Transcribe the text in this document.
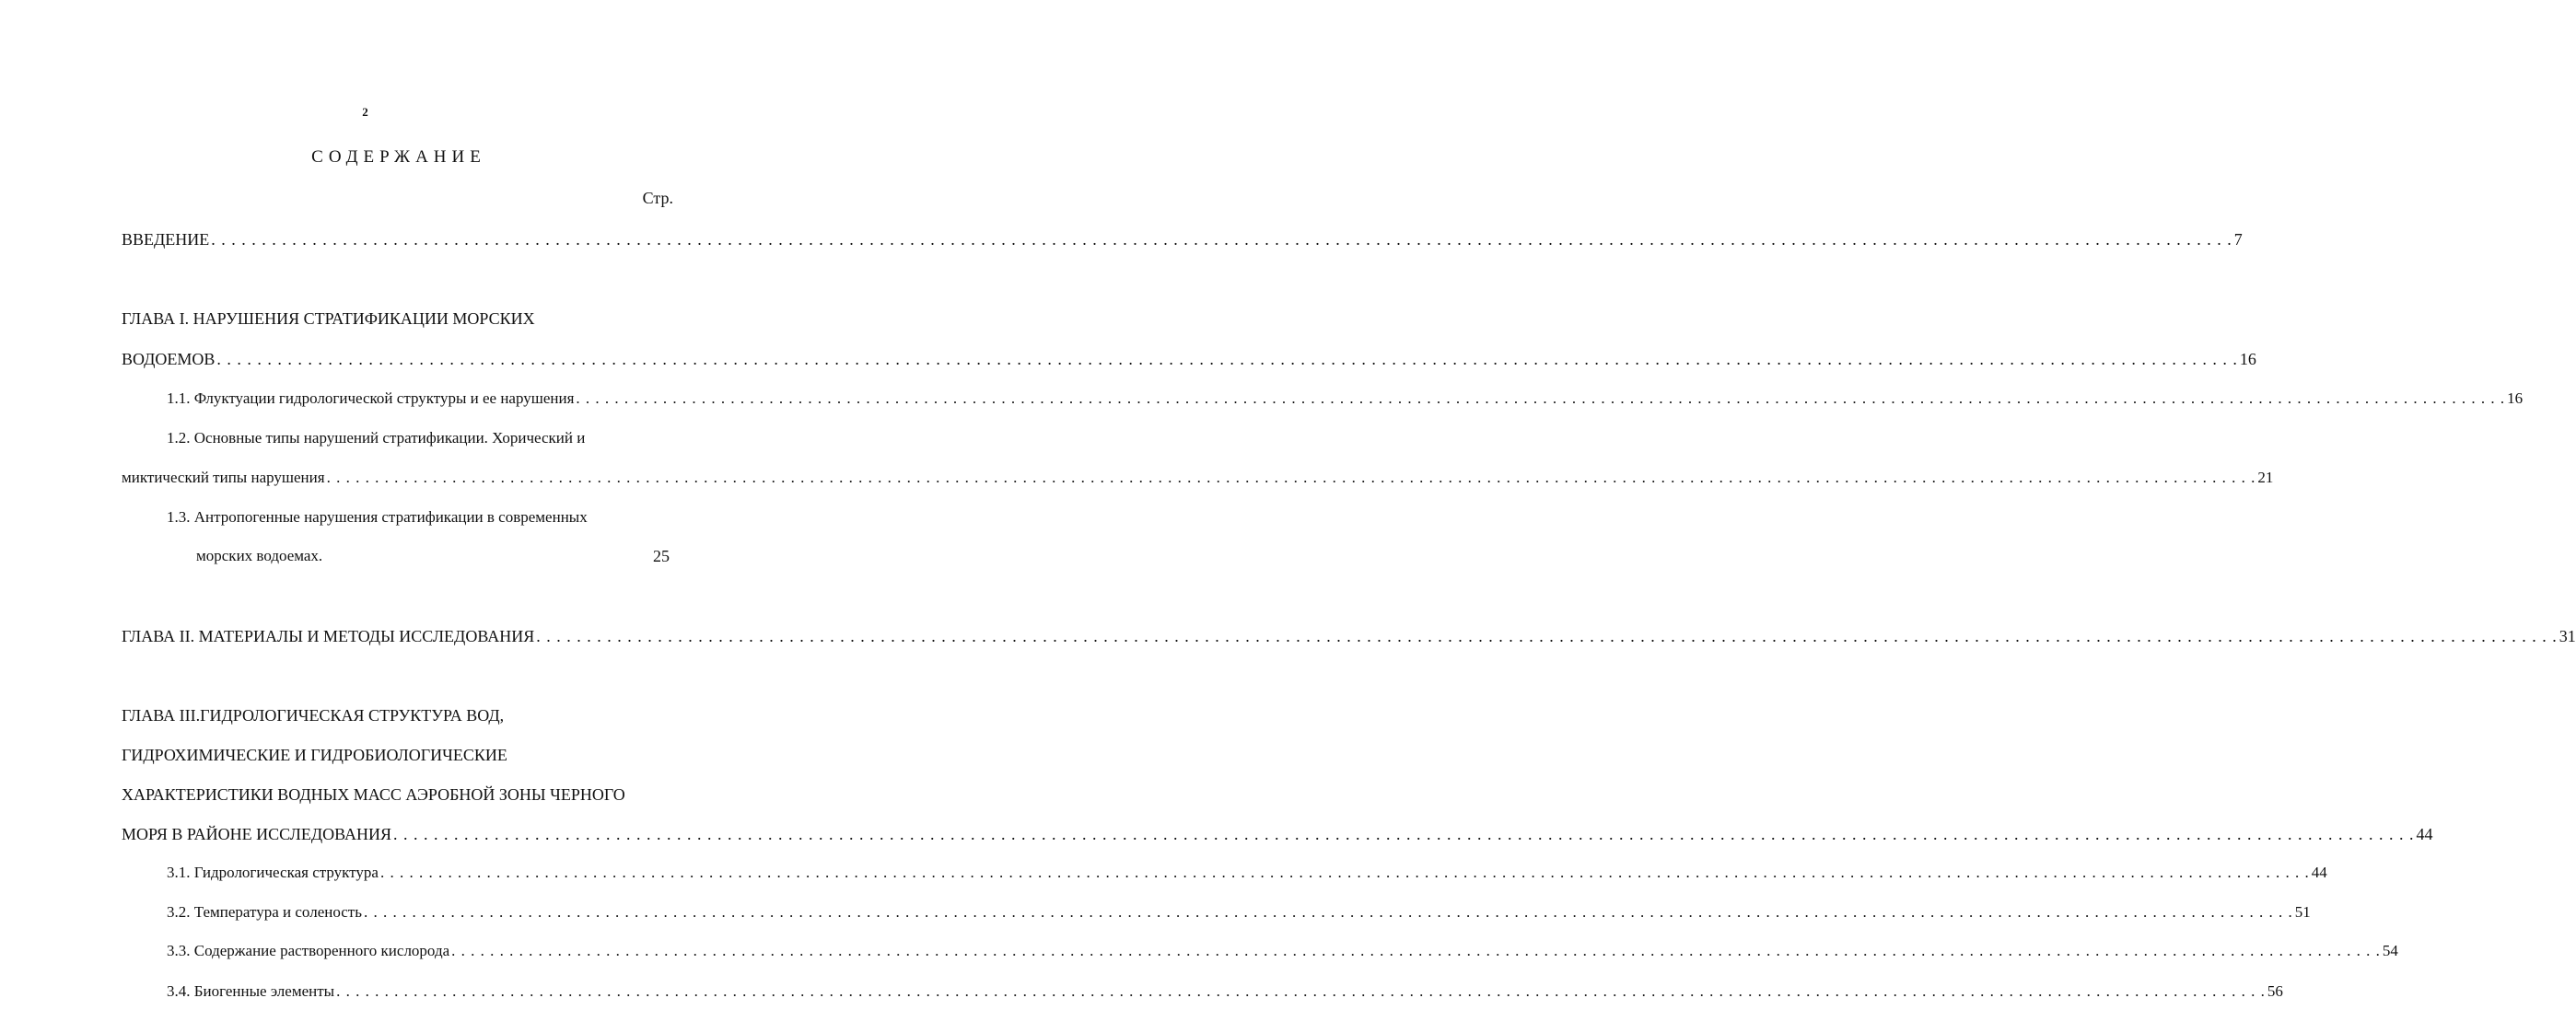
2
СОДЕРЖАНИЕ
Стр.
ВВЕДЕНИЕ . . . . . . . . . . . . . . . . . . . . . . . . . . . . . . . . . . . . . . . . . . . . . . . . . . . . . . . . . . . . . . . . . . . . . . . . . . . . . . . . . . . . . . . . . . . . . . . . . . . . . . . . . . . . . . . . . . . . . . . . . . . . . . . . . . . . . . . . . . . . . . . . . . . . . . . . . . . . . . . . . . . . . . . . . . . . . . . . . . . . . . . . . . . . . . . . . . . . . . . . 7
ГЛАВА I. НАРУШЕНИЯ СТРАТИФИКАЦИИ МОРСКИХ
ВОДОЕМОВ . . . . . . . . . . . . . . . . . . . . . . . . . . . . . . . . . . . . . . . . . . . . . . . . . . . . . . . . . . . . . . . . . . . . . . . . . . . . . . . . . . . . . . . . . . . . . . . . . . . . . . . . . . . . . . . . . . . . . . . . . . . . . . . . . . . . . . . . . . . . . . . . . . . . . . . . . . . . . . . . . . . . . . . . . . . . . . . . . . . . . . . . . . . . . . . . . . . . . . . . 16
1.1. Флуктуации гидрологической структуры и ее нарушения . . . . . . . . . . . . . . . . . . . . . . . . . . . . . . . . . . . . . . . . . . . . . . . . . . . . . . . . . . . . . . . . . . . . . . . . . . . . . . . . . . . . . . . . . . . . . . . . . . . . . . . . . . . . . . . . . . . . . . . . . . . . . . . . . . . . . . . . . . . . . . . . . . . . . . . . . . . . . . . . . . . . . . . . . . . . . . . . . . . . . . . . . . . . . . . . . . . . . . . . 16
1.2. Основные типы нарушений стратификации. Хорический и
миктический типы нарушения . . . . . . . . . . . . . . . . . . . . . . . . . . . . . . . . . . . . . . . . . . . . . . . . . . . . . . . . . . . . . . . . . . . . . . . . . . . . . . . . . . . . . . . . . . . . . . . . . . . . . . . . . . . . . . . . . . . . . . . . . . . . . . . . . . . . . . . . . . . . . . . . . . . . . . . . . . . . . . . . . . . . . . . . . . . . . . . . . . . . . . . . . . . . . . . . . . . . . . . . 21
1.3. Антропогенные нарушения стратификации в современных
морских водоемах.	25
ГЛАВА II. МАТЕРИАЛЫ И МЕТОДЫ ИССЛЕДОВАНИЯ . . . . . . . . . . . . . . . . . . . . . . . . . . . . . . . . . . . . . . . . . . . . . . . . . . . . . . . . . . . . . . . . . . . . . . . . . . . . . . . . . . . . . . . . . . . . . . . . . . . . . . . . . . . . . . . . . . . . . . . . . . . . . . . . . . . . . . . . . . . . . . . . . . . . . . . . . . . . . . . . . . . . . . . . . . . . . . . . . . . . . . . . . . . . . . . . . . . . . . . . 31
ГЛАВА III.ГИДРОЛОГИЧЕСКАЯ СТРУКТУРА ВОД,
ГИДРОХИМИЧЕСКИЕ И ГИДРОБИОЛОГИЧЕСКИЕ
ХАРАКТЕРИСТИКИ ВОДНЫХ МАСС АЭРОБНОЙ ЗОНЫ ЧЕРНОГО
МОРЯ В РАЙОНЕ ИССЛЕДОВАНИЯ . . . . . . . . . . . . . . . . . . . . . . . . . . . . . . . . . . . . . . . . . . . . . . . . . . . . . . . . . . . . . . . . . . . . . . . . . . . . . . . . . . . . . . . . . . . . . . . . . . . . . . . . . . . . . . . . . . . . . . . . . . . . . . . . . . . . . . . . . . . . . . . . . . . . . . . . . . . . . . . . . . . . . . . . . . . . . . . . . . . . . . . . . . . . . . . . . . . . . . . . 44
3.1. Гидрологическая структура . . . . . . . . . . . . . . . . . . . . . . . . . . . . . . . . . . . . . . . . . . . . . . . . . . . . . . . . . . . . . . . . . . . . . . . . . . . . . . . . . . . . . . . . . . . . . . . . . . . . . . . . . . . . . . . . . . . . . . . . . . . . . . . . . . . . . . . . . . . . . . . . . . . . . . . . . . . . . . . . . . . . . . . . . . . . . . . . . . . . . . . . . . . . . . . . . . . . . . . . 44
3.2. Температура и соленость . . . . . . . . . . . . . . . . . . . . . . . . . . . . . . . . . . . . . . . . . . . . . . . . . . . . . . . . . . . . . . . . . . . . . . . . . . . . . . . . . . . . . . . . . . . . . . . . . . . . . . . . . . . . . . . . . . . . . . . . . . . . . . . . . . . . . . . . . . . . . . . . . . . . . . . . . . . . . . . . . . . . . . . . . . . . . . . . . . . . . . . . . . . . . . . . . . . . . . . . 51
3.3. Содержание растворенного кислорода . . . . . . . . . . . . . . . . . . . . . . . . . . . . . . . . . . . . . . . . . . . . . . . . . . . . . . . . . . . . . . . . . . . . . . . . . . . . . . . . . . . . . . . . . . . . . . . . . . . . . . . . . . . . . . . . . . . . . . . . . . . . . . . . . . . . . . . . . . . . . . . . . . . . . . . . . . . . . . . . . . . . . . . . . . . . . . . . . . . . . . . . . . . . . . . . . . . . . . . . 54
3.4. Биогенные элементы . . . . . . . . . . . . . . . . . . . . . . . . . . . . . . . . . . . . . . . . . . . . . . . . . . . . . . . . . . . . . . . . . . . . . . . . . . . . . . . . . . . . . . . . . . . . . . . . . . . . . . . . . . . . . . . . . . . . . . . . . . . . . . . . . . . . . . . . . . . . . . . . . . . . . . . . . . . . . . . . . . . . . . . . . . . . . . . . . . . . . . . . . . . . . . . . . . . . . . . . 56
